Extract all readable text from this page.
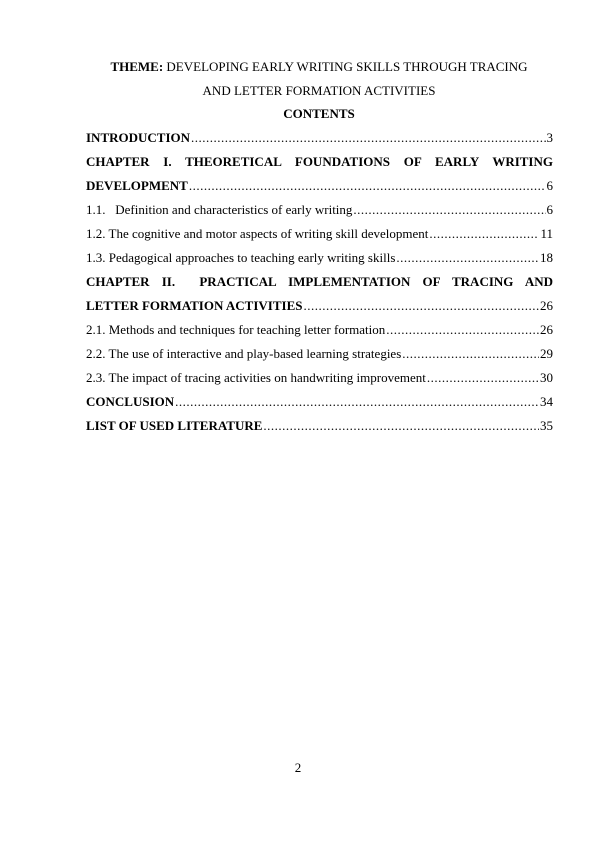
THEME: DEVELOPING EARLY WRITING SKILLS THROUGH TRACING
AND LETTER FORMATION ACTIVITIES
CONTENTS
INTRODUCTION .....	3
CHAPTER I. THEORETICAL FOUNDATIONS OF EARLY WRITING
DEVELOPMENT .....	6
1.1.   Definition and characteristics of early writing .....	6
1.2. The cognitive and motor aspects of writing skill development .....	11
1.3. Pedagogical approaches to teaching early writing skills .....	18
CHAPTER II.  PRACTICAL IMPLEMENTATION OF TRACING AND
LETTER FORMATION ACTIVITIES .....	26
2.1. Methods and techniques for teaching letter formation .....	26
2.2. The use of interactive and play-based learning strategies .....	29
2.3. The impact of tracing activities on handwriting improvement .....	30
CONCLUSION .....	34
LIST OF USED LITERATURE .....	35
2
